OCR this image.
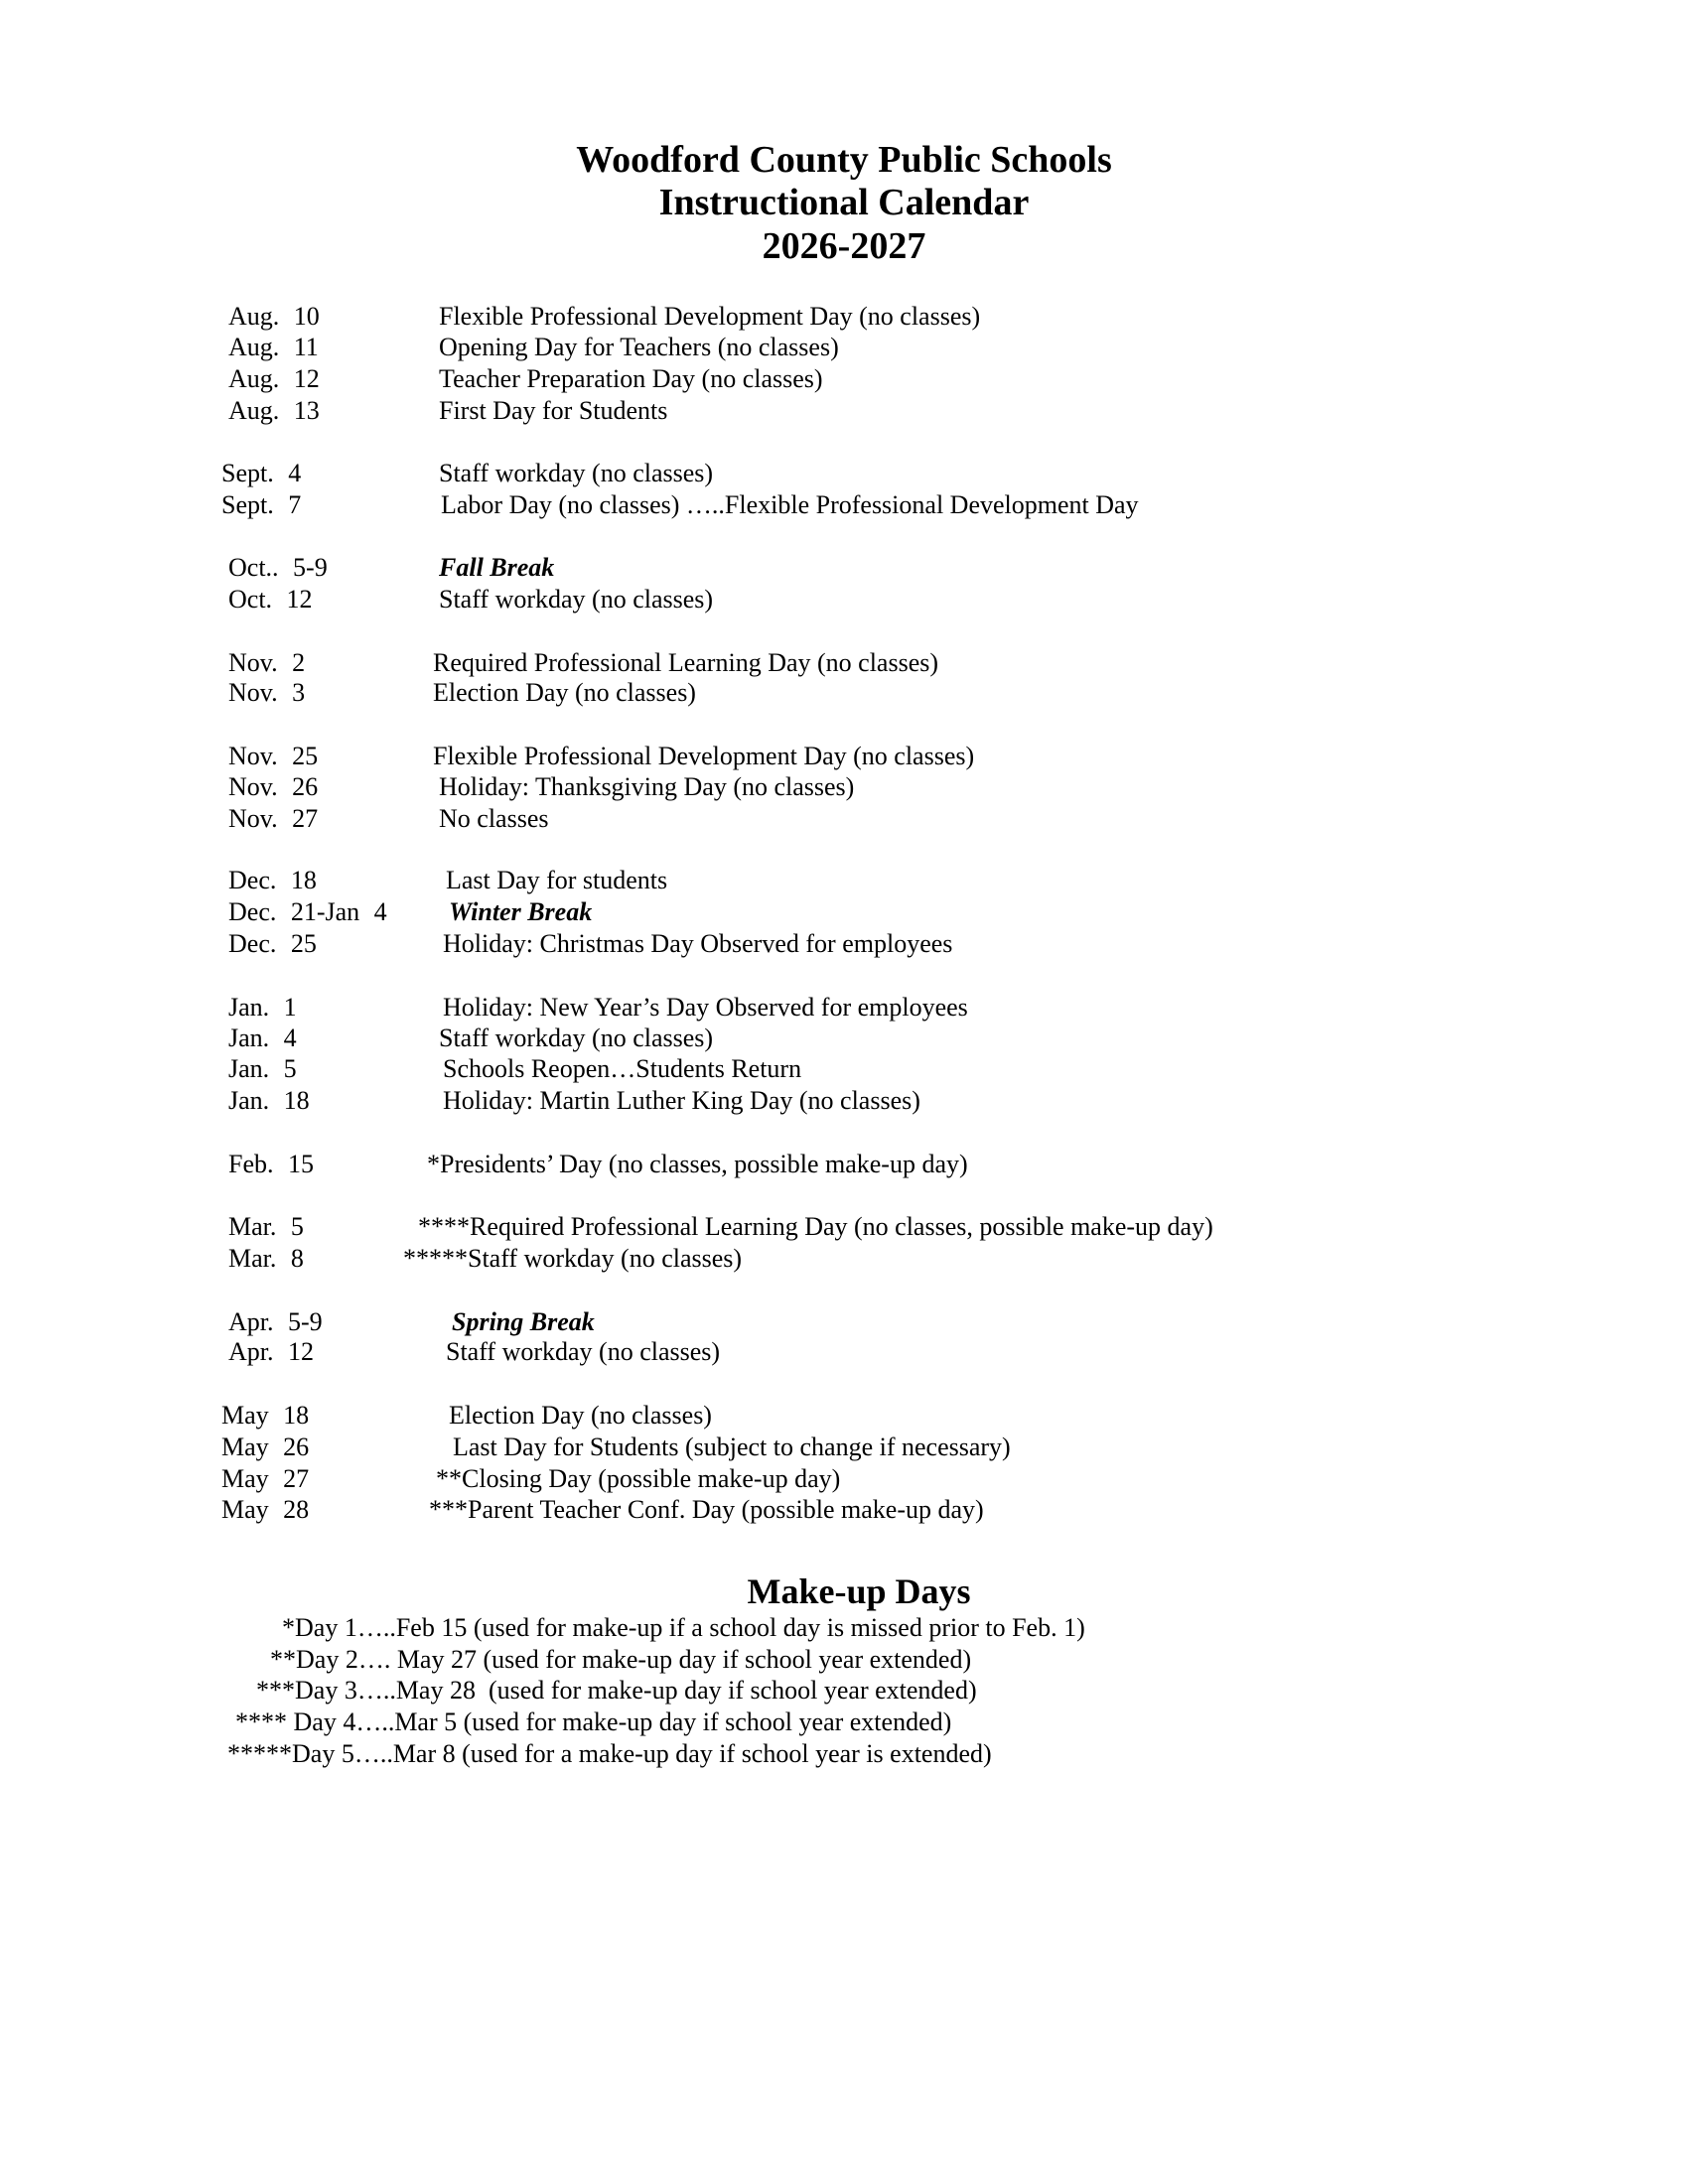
Woodford County Public Schools
Instructional Calendar
2026-2027
Aug. 10	Flexible Professional Development Day (no classes)
Aug. 11	Opening Day for Teachers (no classes)
Aug. 12	Teacher Preparation Day (no classes)
Aug. 13	First Day for Students
Sept. 4	Staff workday (no classes)
Sept. 7	Labor Day (no classes) …..Flexible Professional Development Day
Oct.. 5-9	Fall Break
Oct. 12	Staff workday (no classes)
Nov. 2	Required Professional Learning Day (no classes)
Nov. 3	Election Day (no classes)
Nov. 25	Flexible Professional Development Day (no classes)
Nov. 26	Holiday: Thanksgiving Day (no classes)
Nov. 27	No classes
Dec. 18	Last Day for students
Dec. 21-Jan 4 Winter Break
Dec. 25	Holiday: Christmas Day Observed for employees
Jan. 1	Holiday: New Year’s Day Observed for employees
Jan. 4	Staff workday (no classes)
Jan. 5	Schools Reopen…Students Return
Jan. 18	Holiday: Martin Luther King Day (no classes)
Feb. 15	*Presidents’ Day (no classes, possible make-up day)
Mar. 5	****Required Professional Learning Day (no classes, possible make-up day)
Mar. 8	*****Staff workday (no classes)
Apr. 5-9	Spring Break
Apr. 12	Staff workday (no classes)
May 18	Election Day (no classes)
May 26	Last Day for Students (subject to change if necessary)
May 27	**Closing Day (possible make-up day)
May 28	***Parent Teacher Conf. Day (possible make-up day)
Make-up Days
*Day 1…..Feb 15 (used for make-up if a school day is missed prior to Feb. 1)
**Day 2…. May 27 (used for make-up day if school year extended)
***Day 3…..May 28  (used for make-up day if school year extended)
**** Day 4…..Mar 5 (used for make-up day if school year extended)
*****Day 5…..Mar 8 (used for a make-up day if school year is extended)
